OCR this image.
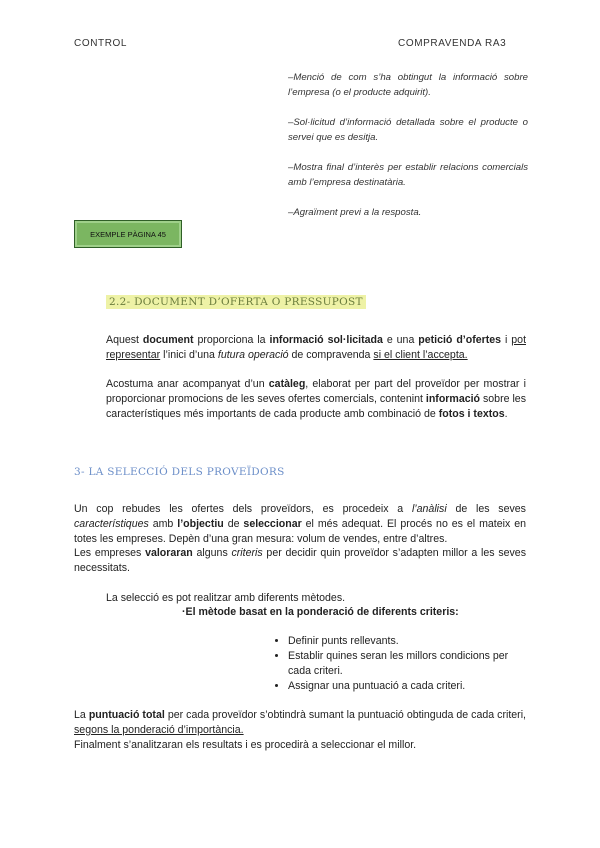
CONTROL	COMPRAVENDA RA3
–Menció de com s’ha obtingut la informació sobre l’empresa (o el producte adquirit).
–Sol·licitud d’informació detallada sobre el producte o servei que es desitja.
–Mostra final d’interès per establir relacions comercials amb l’empresa destinatària.
–Agraïment previ a la resposta.
EXEMPLE PÀGINA 45
2.2- DOCUMENT D’OFERTA O PRESSUPOST
Aquest document proporciona la informació sol·licitada e una petició d’ofertes i pot representar l’inici d’una futura operació de compravenda si el client l’accepta.
Acostuma anar acompanyat d’un catàleg, elaborat per part del proveïdor per mostrar i proporcionar promocions de les seves ofertes comercials, contenint informació sobre les característiques més importants de cada producte amb combinació de fotos i textos.
3- LA SELECCIÓ DELS PROVEÏDORS
Un cop rebudes les ofertes dels proveïdors, es procedeix a l’anàlisi de les seves característiques amb l’objectiu de seleccionar el més adequat. El procés no es el mateix en totes les empreses. Depèn d’una gran mesura: volum de vendes, entre d’altres.
Les empreses valoraran alguns criteris per decidir quin proveïdor s’adapten millor a les seves necessitats.
La selecció es pot realitzar amb diferents mètodes.
·El mètode basat en la ponderació de diferents criteris:
• Definir punts rellevants.
• Establir quines seran les millors condicions per cada criteri.
• Assignar una puntuació a cada criteri.
La puntuació total per cada proveïdor s’obtindrà sumant la puntuació obtinguda de cada criteri, segons la ponderació d’importància.
Finalment s’analitzaran els resultats i es procedirà a seleccionar el millor.
